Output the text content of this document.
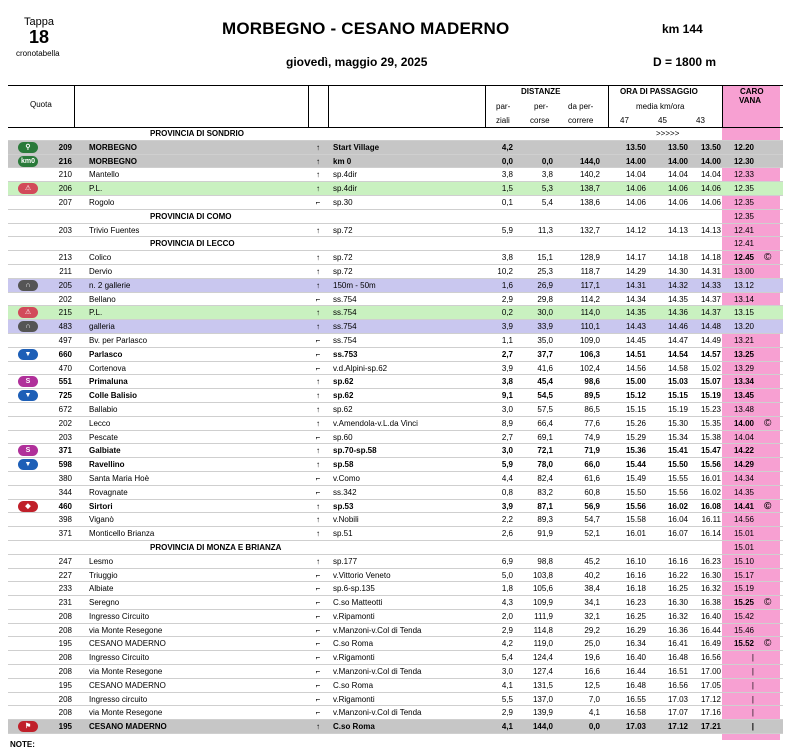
Tappa
18
cronotabella
MORBEGNO - CESANO MADERNO
giovedì, maggio 29, 2025
km 144
D = 1800 m
Quota
DISTANZE
par-
ziali
per-
corse
da per-
correre
ORA DI PASSAGGIO
media km/ora
47	45	43
CARO
VANA
PROVINCIA DI SONDRIO	>>>>>
⚲	209 MORBEGNO	↑	Start Village	4,2	13.50	13.50	13.50 12.20
km0	216 MORBEGNO	↑	km 0	0,0	0,0	144,0	14.00	14.00	14.00 12.30
210 Mantello	↑	sp.4dir	3,8	3,8	140,2	14.04	14.04	14.04 12.33
⚠	206 P.L.	↑	sp.4dir	1,5	5,3	138,7	14.06	14.06	14.06 12.35
207 Rogolo	⌐	sp.30	0,1	5,4	138,6	14.06	14.06	14.06 12.35
PROVINCIA DI COMO	12.35
203 Trivio Fuentes	↑	sp.72	5,9	11,3	132,7	14.12	14.13	14.13 12.41
PROVINCIA DI LECCO	12.41
213 Colico	↑	sp.72	3,8	15,1	128,9	14.17	14.18	14.18 12.45 ©
211 Dervio	↑	sp.72	10,2	25,3	118,7	14.29	14.30	14.31 13.00
∩	205 n. 2 gallerie	↑	150m - 50m	1,6	26,9	117,1	14.31	14.32	14.33 13.12
202 Bellano	⌐	ss.754	2,9	29,8	114,2	14.34	14.35	14.37 13.14
⚠	215 P.L.	↑	ss.754	0,2	30,0	114,0	14.35	14.36	14.37 13.15
∩	483 galleria	↑	ss.754	3,9	33,9	110,1	14.43	14.46	14.48 13.20
497 Bv. per Parlasco	⌐	ss.754	1,1	35,0	109,0	14.45	14.47	14.49 13.21
▼	660 Parlasco	⌐	ss.753	2,7	37,7	106,3	14.51	14.54	14.57 13.25
470 Cortenova	⌐	v.d.Alpini-sp.62	3,9	41,6	102,4	14.56	14.58	15.02 13.29
S	551 Primaluna	↑	sp.62	3,8	45,4	98,6	15.00	15.03	15.07 13.34
▼	725 Colle Balisio	↑	sp.62	9,1	54,5	89,5	15.12	15.15	15.19 13.45
672 Ballabio	↑	sp.62	3,0	57,5	86,5	15.15	15.19	15.23 13.48
202 Lecco	↑	v.Amendola-v.L.da Vinci	8,9	66,4	77,6	15.26	15.30	15.35 14.00 ©
203 Pescate	⌐	sp.60	2,7	69,1	74,9	15.29	15.34	15.38 14.04
S	371 Galbiate	↑	sp.70-sp.58	3,0	72,1	71,9	15.36	15.41	15.47 14.22
▼	598 Ravellino	↑	sp.58	5,9	78,0	66,0	15.44	15.50	15.56 14.29
380 Santa Maria Hoè	⌐	v.Como	4,4	82,4	61,6	15.49	15.55	16.01 14.34
344 Rovagnate	⌐	ss.342	0,8	83,2	60,8	15.50	15.56	16.02 14.35
◆	460 Sirtori	↑	sp.53	3,9	87,1	56,9	15.56	16.02	16.08 14.41 ©
398 Viganò	↑	v.Nobili	2,2	89,3	54,7	15.58	16.04	16.11 14.56
371 Monticello Brianza	↑	sp.51	2,6	91,9	52,1	16.01	16.07	16.14 15.01
PROVINCIA DI MONZA E BRIANZA	15.01
247 Lesmo	↑	sp.177	6,9	98,8	45,2	16.10	16.16	16.23 15.10
227 Triuggio	⌐	v.Vittorio Veneto	5,0	103,8	40,2	16.16	16.22	16.30 15.17
233 Albiate	⌐	sp.6-sp.135	1,8	105,6	38,4	16.18	16.25	16.32 15.19
231 Seregno	⌐	C.so Matteotti	4,3	109,9	34,1	16.23	16.30	16.38 15.25 ©
208 Ingresso Circuito	⌐	v.Ripamonti	2,0	111,9	32,1	16.25	16.32	16.40 15.42
208 via Monte Resegone	⌐	v.Manzoni-v.Col di Tenda	2,9	114,8	29,2	16.29	16.36	16.44 15.46
195 CESANO MADERNO	⌐	C.so Roma	4,2	119,0	25,0	16.34	16.41	16.49 15.52 ©
208 Ingresso Circuito	⌐	v.Rigamonti	5,4	124,4	19,6	16.40	16.48	16.56	|
208 via Monte Resegone	⌐	v.Manzoni-v.Col di Tenda	3,0	127,4	16,6	16.44	16.51	17.00	|
195 CESANO MADERNO	⌐	C.so Roma	4,1	131,5	12,5	16.48	16.56	17.05	|
208 Ingresso circuito	⌐	v.Rigamonti	5,5	137,0	7,0	16.55	17.03	17.12	|
208 via Monte Resegone	⌐	v.Manzoni-v.Col di Tenda	2,9	139,9	4,1	16.58	17.07	17.16	|
⚑	195 CESANO MADERNO	↑	C.so Roma	4,1	144,0	0,0	17.03	17.12	17.21	|
NOTE:
